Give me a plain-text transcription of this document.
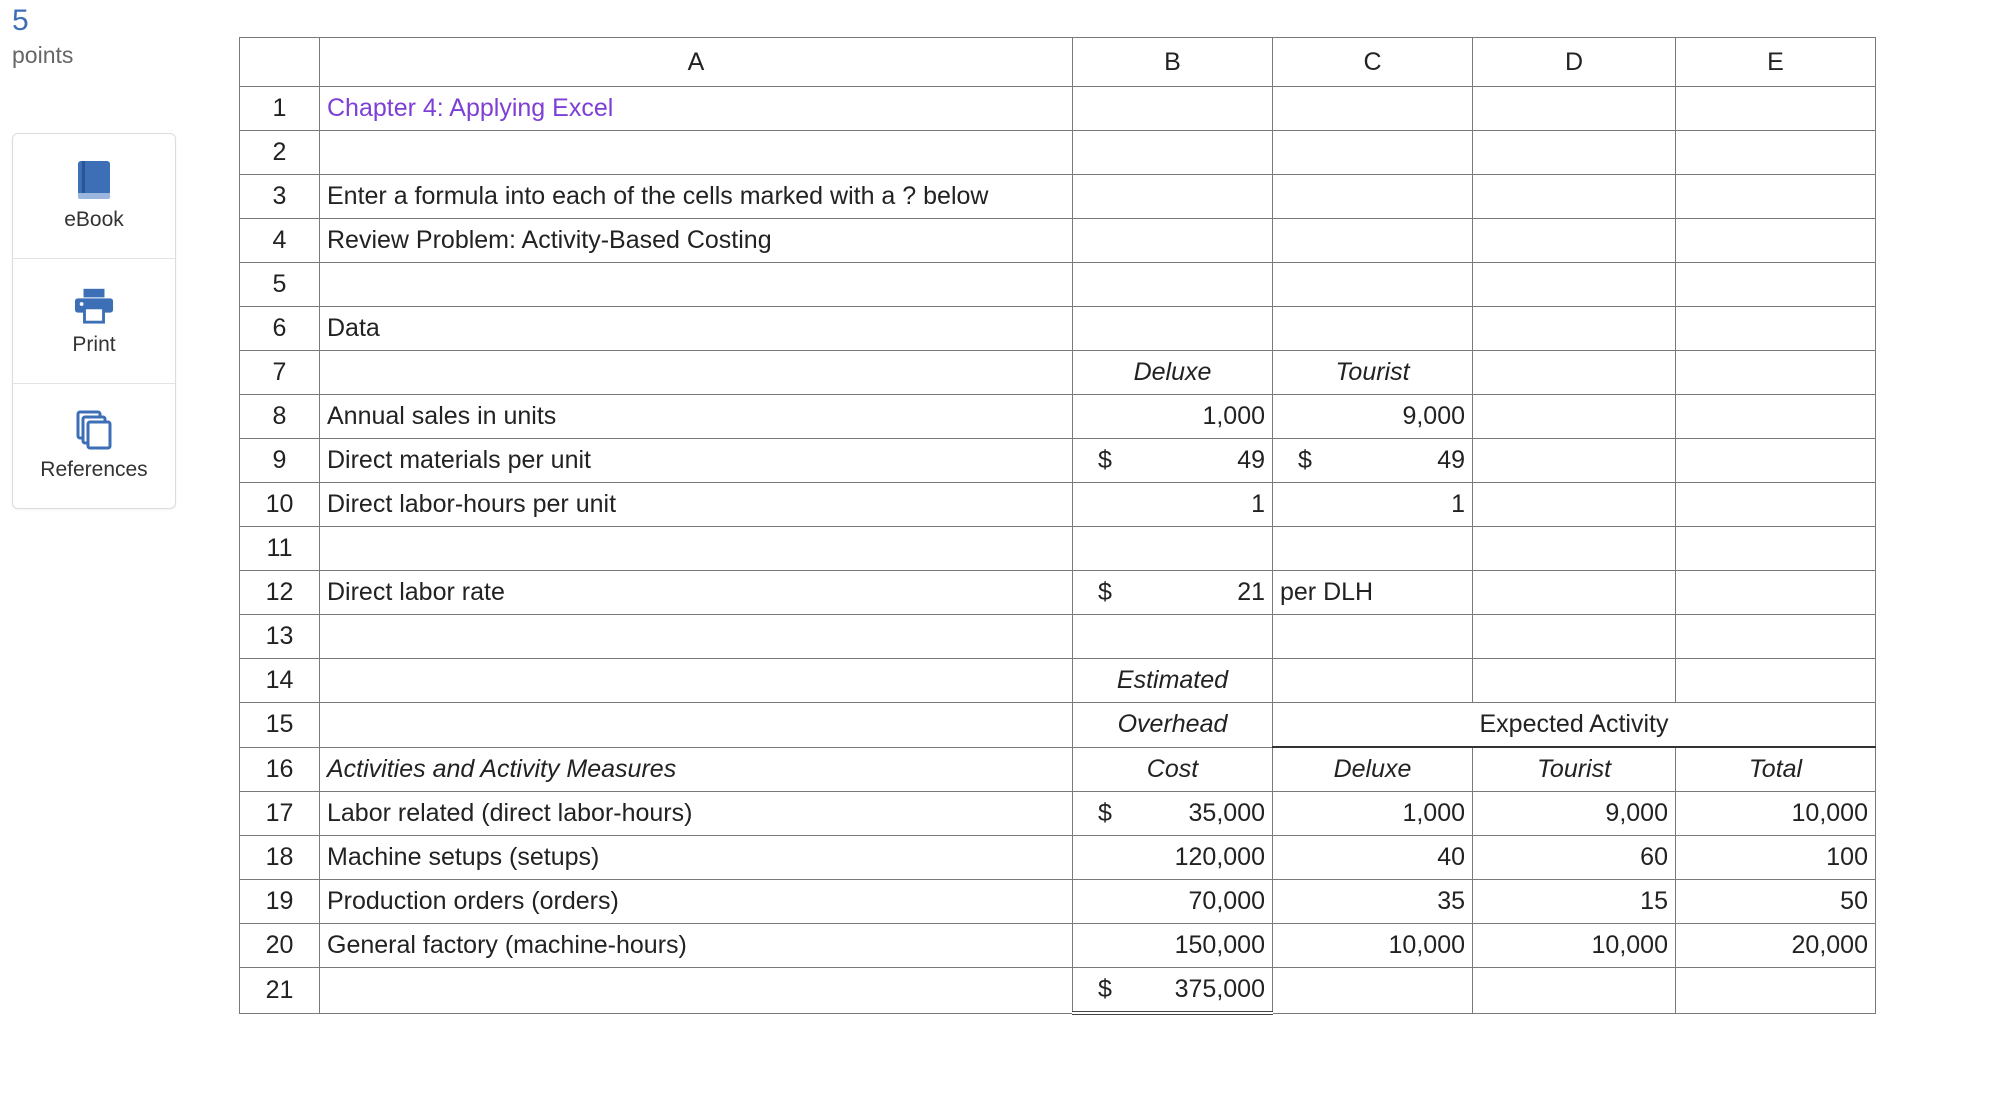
5
points
eBook
Print
References
	A	B	C	D	E
1	Chapter 4: Applying Excel				
2					
3	Enter a formula into each of the cells marked with a ? below				
4	Review Problem: Activity-Based Costing				
5					
6	Data				
7		Deluxe	Tourist		
8	Annual sales in units	1,000	9,000		
9	Direct materials per unit	$ 49	$ 49		

10	Direct labor-hours per unit	1	1		
11					
12	Direct labor rate	$ 21	per DLH		
13					
14		Estimated			
15		Overhead		Expected Activity	
16	Activities and Activity Measures	Cost	Deluxe	Tourist	Total
17	Labor related (direct labor-hours)	$ 35,000	1,000	9,000	10,000
18	Machine setups (setups)	120,000	40	60	100
19	Production orders (orders)	70,000	35	15	50
20	General factory (machine-hours)	150,000	10,000	10,000	20,000
21		$ 375,000			
